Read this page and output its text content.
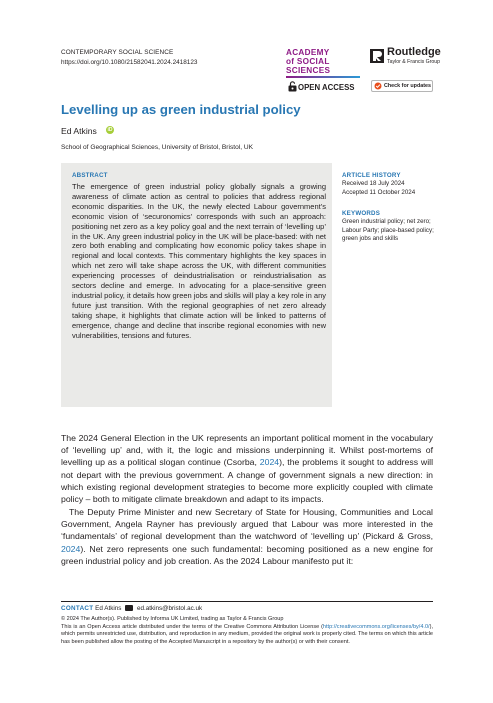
CONTEMPORARY SOCIAL SCIENCE
https://doi.org/10.1080/21582041.2024.2418123
ACADEMY
of SOCIAL SCIENCES
Routledge
Taylor & Francis Group
OPEN ACCESS	Check for updates
Levelling up as green industrial policy
Ed Atkins	iD
School of Geographical Sciences, University of Bristol, Bristol, UK
ABSTRACT
The emergence of green industrial policy globally signals a growing awareness of climate action as central to policies that address regional economic disparities. In the UK, the newly elected Labour government’s economic vision of ‘securonomics’ corresponds with such an approach: positioning net zero as a key policy goal and the next terrain of ‘levelling up’ in the UK. Any green industrial policy in the UK will be place-based: with net zero both enabling and complicating how economic policy takes shape in regional and local contexts. This commentary highlights the key spaces in which net zero will take shape across the UK, with different communities experiencing processes of deindustrialisation or reindustrialisation as sectors decline and emerge. In advocating for a place-sensitive green industrial policy, it details how green jobs and skills will play a key role in any future just transition. With the regional geographies of net zero already taking shape, it highlights that climate action will be linked to patterns of emergence, change and decline that inscribe regional economies with new vulnerabilities, tensions and futures.
ARTICLE HISTORY
Received 18 July 2024
Accepted 11 October 2024
KEYWORDS
Green industrial policy; net zero; Labour Party; place-based policy; green jobs and skills

The 2024 General Election in the UK represents an important political moment in the vocabulary of ‘levelling up’ and, with it, the logic and missions underpinning it. Whilst post-mortems of levelling up as a political slogan continue (Csorba, 2024), the problems it sought to address will not depart with the previous government. A change of government signals a new direction: in which existing regional development strategies to become more explicitly coupled with climate policy – both to mitigate climate breakdown and adapt to its impacts.

The Deputy Prime Minister and new Secretary of State for Housing, Communities and Local Government, Angela Rayner has previously argued that Labour was more interested in the ‘fundamentals’ of regional development than the watchword of ‘levelling up’ (Pickard & Gross, 2024). Net zero represents one such fundamental: becoming positioned as a new engine for green industrial policy and job creation. As the 2024 Labour manifesto put it:

CONTACT Ed Atkins ed.atkins@bristol.ac.uk
© 2024 The Author(s). Published by Informa UK Limited, trading as Taylor & Francis Group
This is an Open Access article distributed under the terms of the Creative Commons Attribution License (http://creativecommons.org/licenses/by/4.0/), which permits unrestricted use, distribution, and reproduction in any medium, provided the original work is properly cited. The terms on which this article has been published allow the posting of the Accepted Manuscript in a repository by the author(s) or with their consent.
